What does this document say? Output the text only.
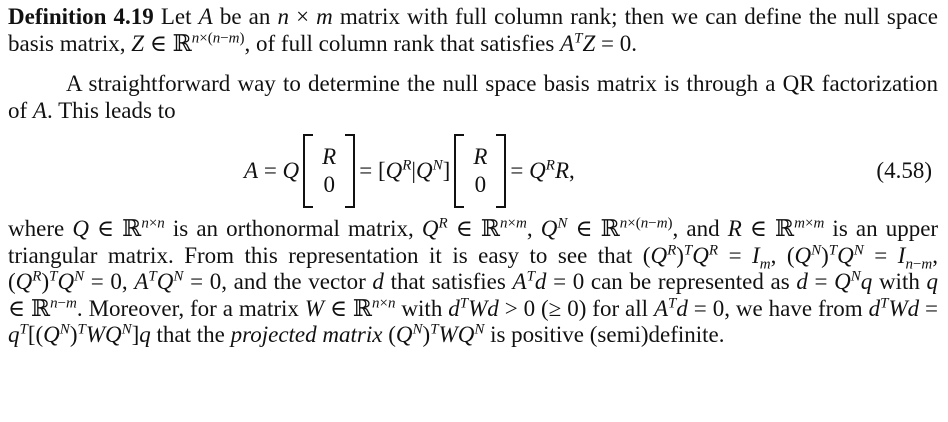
Definition 4.19 Let A be an n × m matrix with full column rank; then we can define the null space basis matrix, Z ∈ ℝ$^{n\times(n-m)}$, of full column rank that satisfies $A^TZ = 0$.

A straightforward way to determine the null space basis matrix is through a QR factorization of A. This leads to

A = Q
R
0
= $[Q^R|Q^N]$
R
0
= $Q^RR$,	(4.58)

where Q ∈ ℝ$^{n\times n}$ is an orthonormal matrix, $Q^R$ ∈ ℝ$^{n\times m}$, $Q^N$ ∈ ℝ$^{n\times(n-m)}$, and R ∈ ℝ$^{m\times m}$ is an upper triangular matrix. From this representation it is easy to see that $(Q^R)^TQ^R = I_m$, $(Q^N)^TQ^N = I_{n-m}$, $(Q^R)^TQ^N = 0$, $A^TQ^N = 0$, and the vector d that satisfies $A^Td = 0$ can be represented as $d = Q^Nq$ with q ∈ ℝ$^{n-m}$. Moreover, for a matrix W ∈ ℝ$^{n\times n}$ with $d^TWd > 0$ (≥ 0) for all $A^Td = 0$, we have from $d^TWd = q^T[(Q^N)^TWQ^N]q$ that the projected matrix $(Q^N)^TWQ^N$ is positive (semi)definite.
